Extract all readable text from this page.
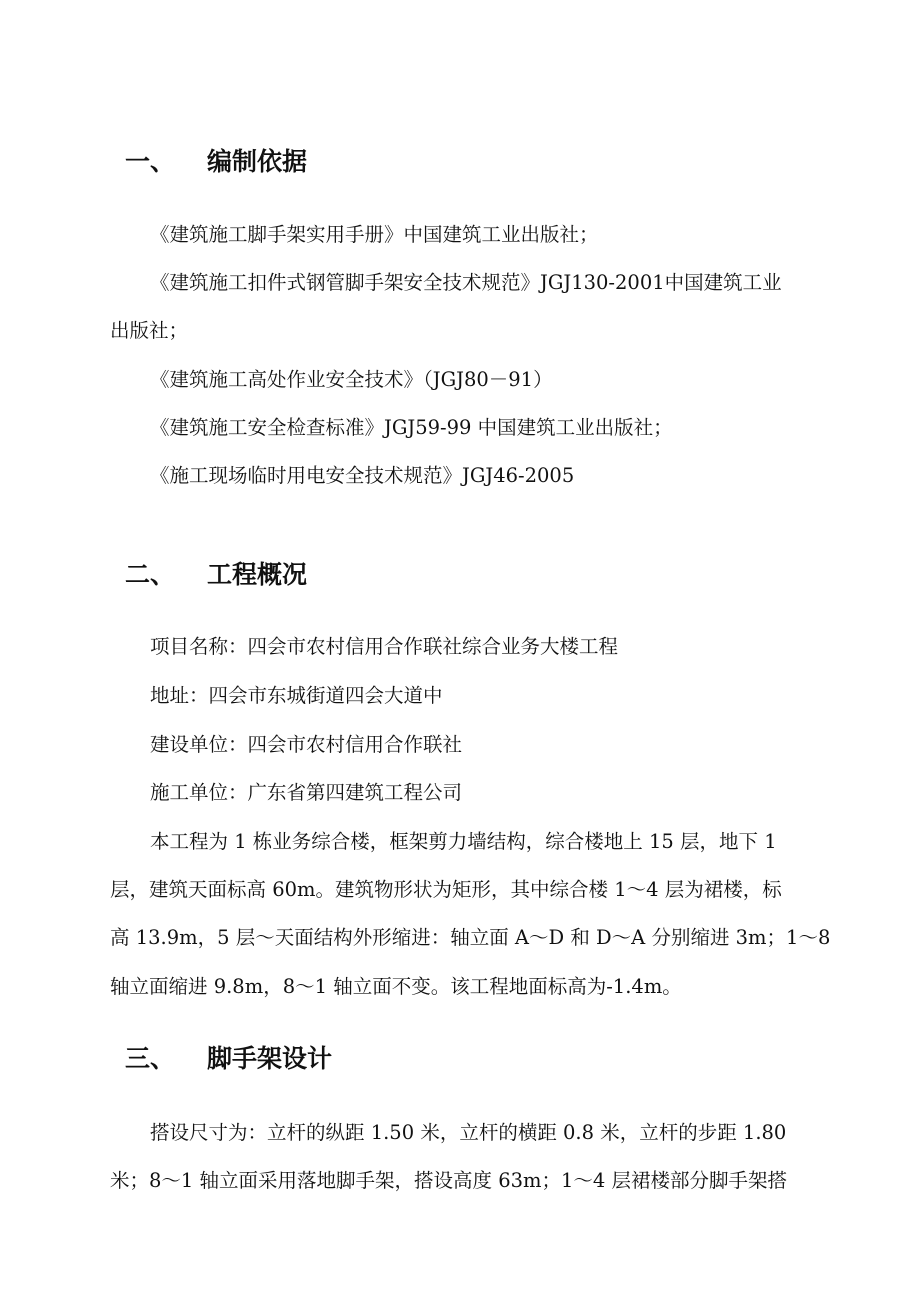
一、 编制依据
《建筑施工脚手架实用手册》中国建筑工业出版社；
《建筑施工扣件式钢管脚手架安全技术规范》JGJ130-2001中国建筑工业
出版社；
《建筑施工高处作业安全技术》（JGJ80－91）
《建筑施工安全检查标准》JGJ59-99 中国建筑工业出版社；
《施工现场临时用电安全技术规范》JGJ46-2005
二、 工程概况
项目名称：四会市农村信用合作联社综合业务大楼工程
地址：四会市东城街道四会大道中
建设单位：四会市农村信用合作联社
施工单位：广东省第四建筑工程公司
本工程为 1 栋业务综合楼，框架剪力墙结构，综合楼地上 15 层，地下 1
层，建筑天面标高 60m。建筑物形状为矩形，其中综合楼 1～4 层为裙楼，标
高 13.9m，5 层～天面结构外形缩进：轴立面 A～D 和 D～A 分别缩进 3m；1～8
轴立面缩进 9.8m，8～1 轴立面不变。该工程地面标高为-1.4m。
三、 脚手架设计
搭设尺寸为：立杆的纵距 1.50 米，立杆的横距 0.8 米，立杆的步距 1.80
米；8～1 轴立面采用落地脚手架，搭设高度 63m；1～4 层裙楼部分脚手架搭
